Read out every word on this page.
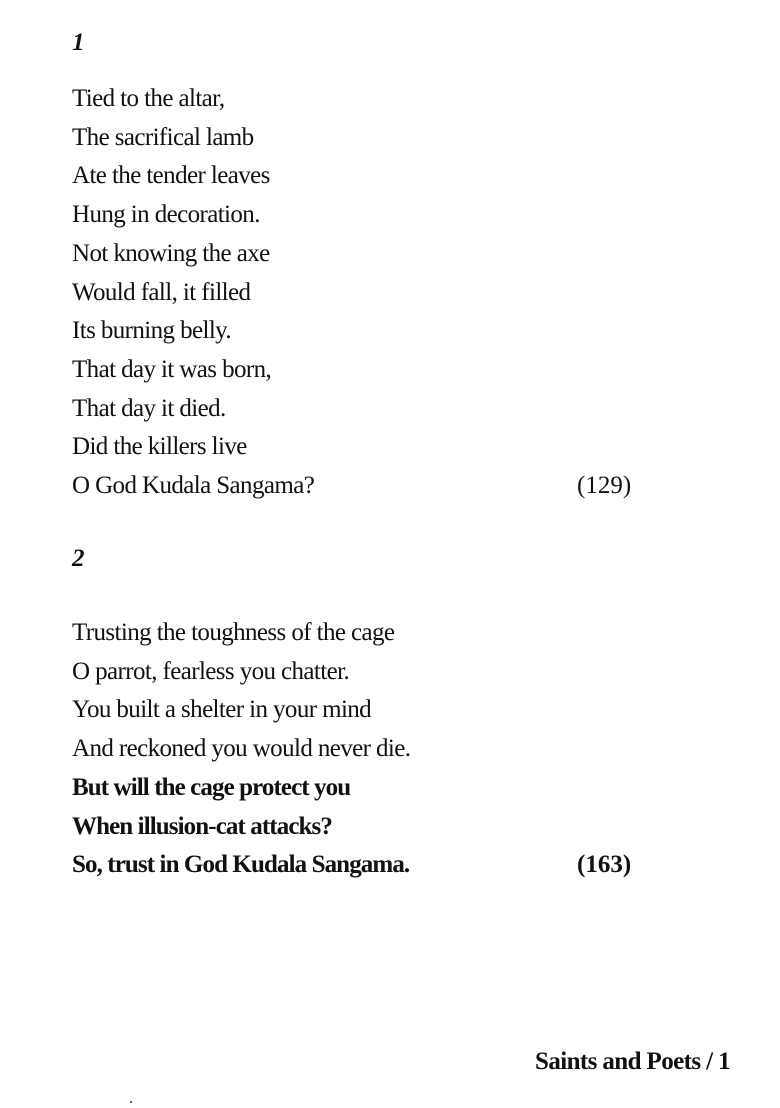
1

Tied to the altar,
The sacrifical lamb
Ate the tender leaves
Hung in decoration.
Not knowing the axe
Would fall, it filled
Its burning belly.
That day it was born,
That day it died.
Did the killers live
O God Kudala Sangama?	(129)

2

Trusting the toughness of the cage
O parrot, fearless you chatter.
You built a shelter in your mind
And reckoned you would never die.
But will the cage protect you
When illusion-cat attacks?
So, trust in God Kudala Sangama.	(163)
Saints and Poets / 1
